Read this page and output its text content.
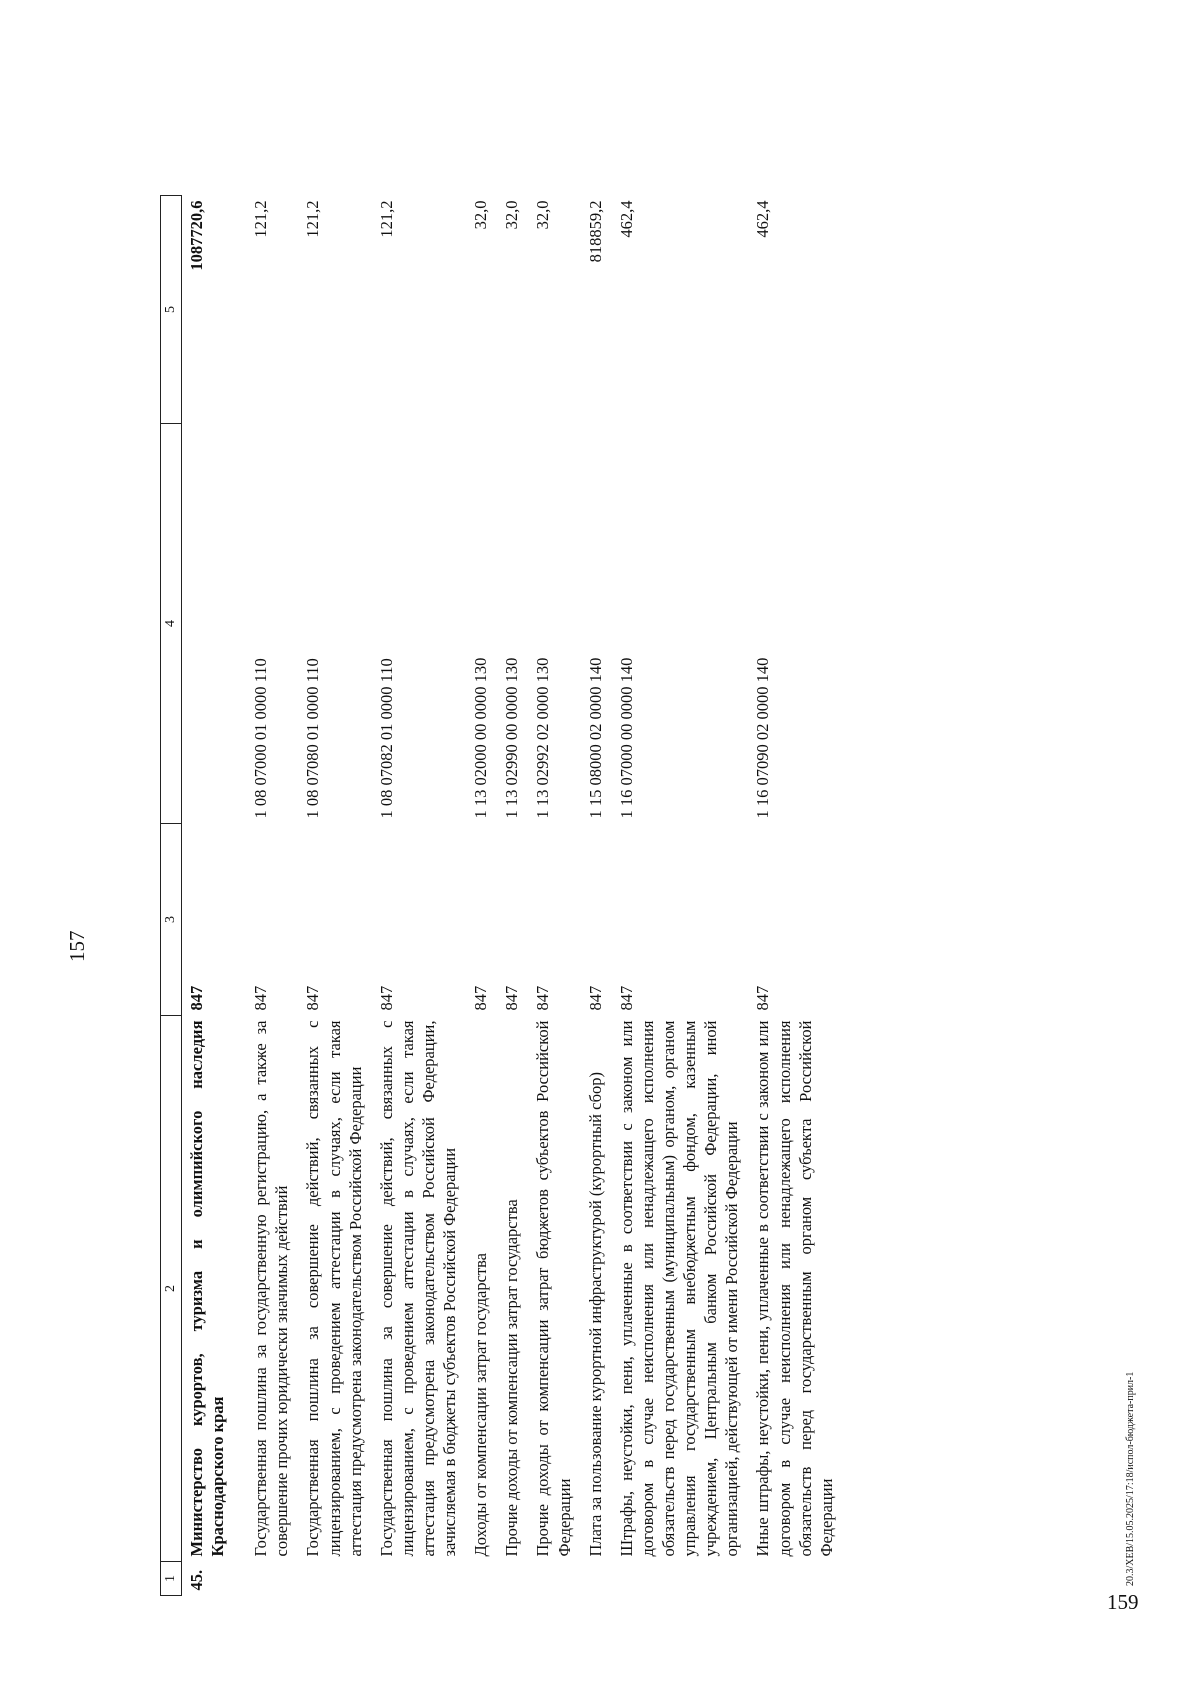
159
157
20.3/ХЕВ/15.05.2025/17:18/испол-бюджета-прил-1
1	2	3	4	5
45.	Министерство курортов, туризма и олимпийского наследия Краснодарского края	847		1087720,6
	Государственная пошлина за государственную регистрацию, а также за совершение прочих юридически значимых действий	847	1 08 07000 01 0000 110	121,2
	Государственная пошлина за совершение действий, связанных с лицензированием, с проведением аттестации в случаях, если такая аттестация предусмотрена законодательством Российской Федерации	847	1 08 07080 01 0000 110	121,2
	Государственная пошлина за совершение действий, связанных с лицензированием, с проведением аттестации в случаях, если такая аттестация предусмотрена законодательством Российской Федерации, зачисляемая в бюджеты субъектов Российской Федерации	847	1 08 07082 01 0000 110	121,2
	Доходы от компенсации затрат государства	847	1 13 02000 00 0000 130	32,0
	Прочие доходы от компенсации затрат государства	847	1 13 02990 00 0000 130	32,0
	Прочие доходы от компенсации затрат бюджетов субъектов Российской Федерации	847	1 13 02992 02 0000 130	32,0
	Плата за пользование курортной инфраструктурой (курортный сбор)	847	1 15 08000 02 0000 140	818859,2
	Штрафы, неустойки, пени, уплаченные в соответствии с законом или договором в случае неисполнения или ненадлежащего исполнения обязательств перед государственным (муниципальным) органом, органом управления государственным внебюджетным фондом, казенным учреждением, Центральным банком Российской Федерации, иной организацией, действующей от имени Российской Федерации	847	1 16 07000 00 0000 140	462,4
	Иные штрафы, неустойки, пени, уплаченные в соответствии с законом или договором в случае неисполнения или ненадлежащего исполнения обязательств перед государственным органом субъекта Российской Федерации	847	1 16 07090 02 0000 140	462,4
